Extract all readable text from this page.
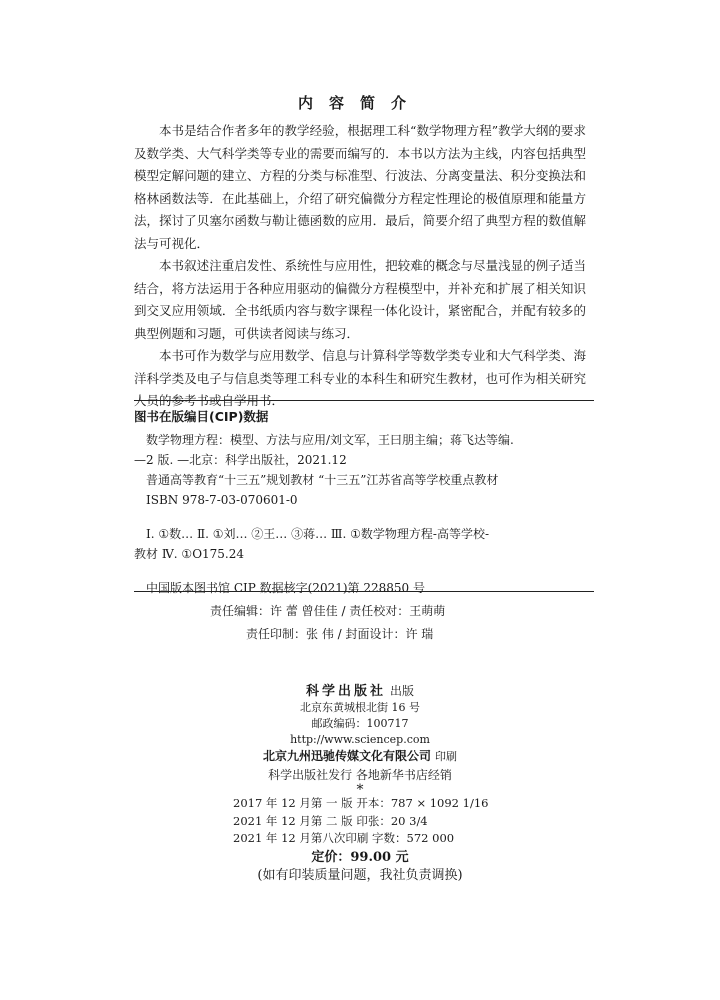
内容简介

本书是结合作者多年的教学经验，根据理工科“数学物理方程”教学大纲的要求及数学类、大气科学类等专业的需要而编写的．本书以方法为主线，内容包括典型模型定解问题的建立、方程的分类与标准型、行波法、分离变量法、积分变换法和格林函数法等．在此基础上，介绍了研究偏微分方程定性理论的极值原理和能量方法，探讨了贝塞尔函数与勒让德函数的应用．最后，简要介绍了典型方程的数值解法与可视化．

本书叙述注重启发性、系统性与应用性，把较难的概念与尽量浅显的例子适当结合，将方法运用于各种应用驱动的偏微分方程模型中，并补充和扩展了相关知识到交叉应用领域．全书纸质内容与数字课程一体化设计，紧密配合，并配有较多的典型例题和习题，可供读者阅读与练习．

本书可作为数学与应用数学、信息与计算科学等数学类专业和大气科学类、海洋科学类及电子与信息类等理工科专业的本科生和研究生教材，也可作为相关研究人员的参考书或自学用书．

图书在版编目(CIP)数据
数学物理方程：模型、方法与应用/刘文军，王曰朋主编；蒋飞达等编.
—2 版. —北京：科学出版社，2021.12
普通高等教育“十三五”规划教材 “十三五”江苏省高等学校重点教材
ISBN 978-7-03-070601-0
Ⅰ. ①数… Ⅱ. ①刘… ②王… ③蒋… Ⅲ. ①数学物理方程-高等学校-
教材 Ⅳ. ①O175.24
中国版本图书馆 CIP 数据核字(2021)第 228850 号
责任编辑：许 蕾 曾佳佳 / 责任校对：王萌萌
责任印制：张 伟 / 封面设计：许 瑞
科学出版社 出版
北京东黄城根北街 16 号
邮政编码：100717
http://www.sciencep.com
北京九州迅驰传媒文化有限公司 印刷
科学出版社发行 各地新华书店经销
*
2017 年 12 月第 一 版 开本：787 × 1092 1/16
2021 年 12 月第 二 版 印张：20 3/4
2021 年 12 月第八次印刷 字数：572 000
定价：99.00 元
(如有印装质量问题，我社负责调换)
